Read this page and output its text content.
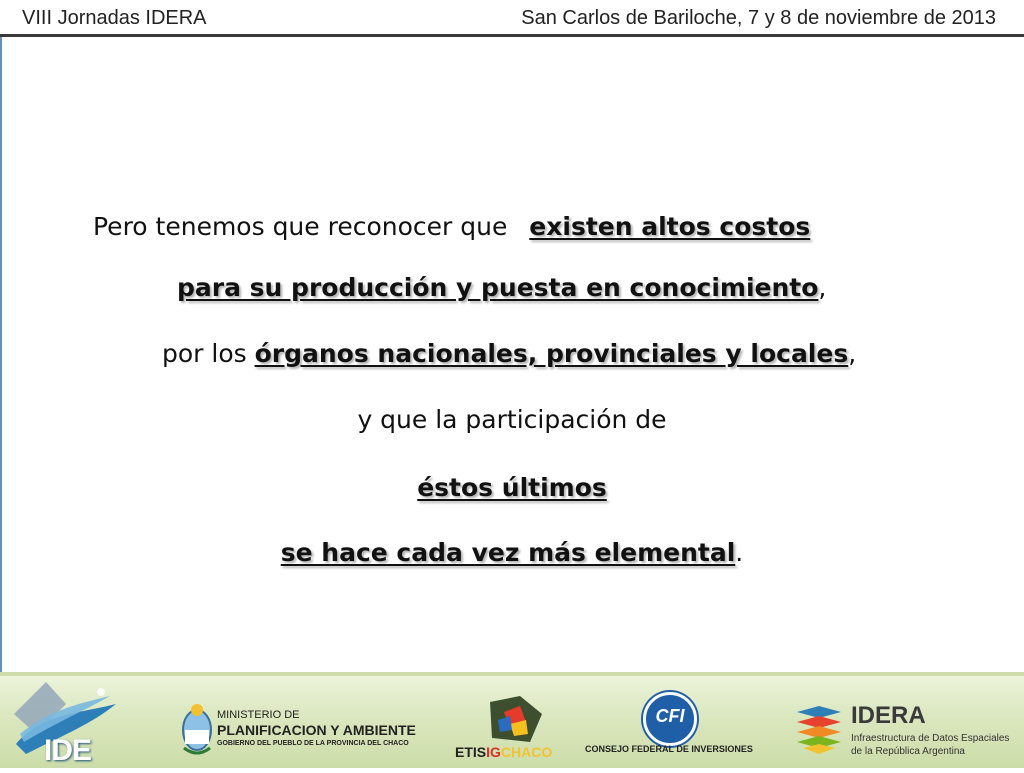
VIII Jornadas IDERA	San Carlos de Bariloche, 7 y 8 de noviembre de 2013
Pero tenemos que reconocer que existen altos costos
para su producción y puesta en conocimiento,
por los órganos nacionales, provinciales y locales,
y que la participación de
éstos últimos
se hace cada vez más elemental.
IDE
MINISTERIO DE
PLANIFICACION Y AMBIENTE
GOBIERNO DEL PUEBLO DE LA PROVINCIA DEL CHACO
ETISIGCHACO
CFI
CONSEJO FEDERAL DE INVERSIONES
IDERA
Infraestructura de Datos Espaciales
de la República Argentina
